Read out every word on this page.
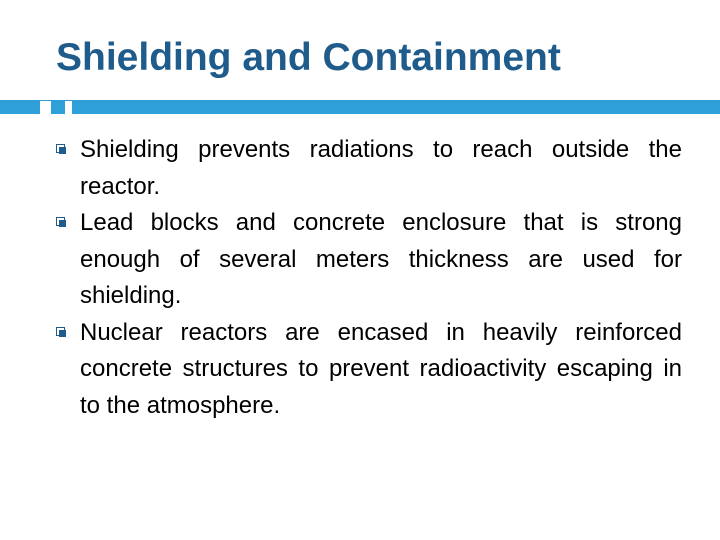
Shielding and Containment
Shielding prevents radiations to reach outside the reactor.
Lead blocks and concrete enclosure that is strong enough of several meters thickness are used for shielding.
Nuclear reactors are encased in heavily reinforced concrete structures to prevent radioactivity escaping in to the atmosphere.
